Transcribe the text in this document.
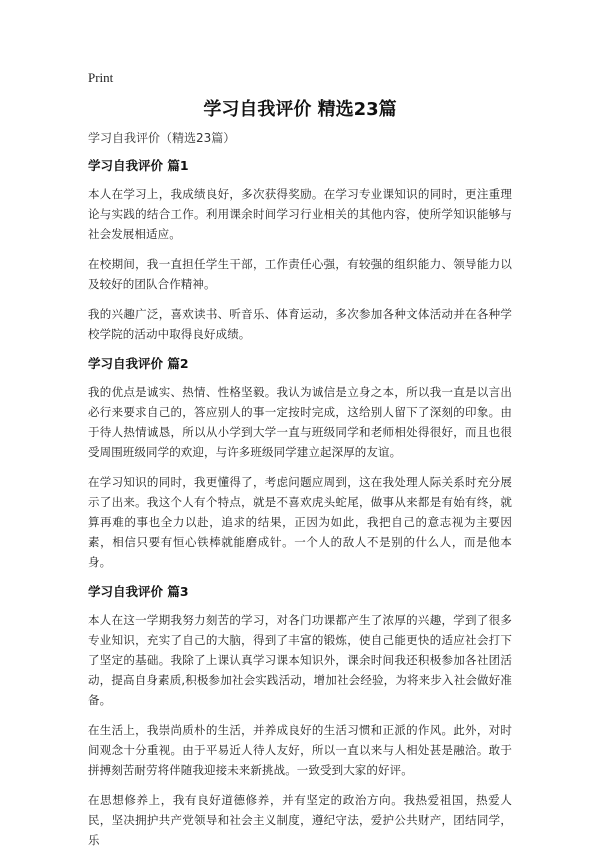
Print
学习自我评价 精选23篇

学习自我评价（精选23篇）

学习自我评价 篇1

本人在学习上，我成绩良好，多次获得奖励。在学习专业课知识的同时，更注重理论与实践的结合工作。利用课余时间学习行业相关的其他内容，使所学知识能够与社会发展相适应。

在校期间，我一直担任学生干部，工作责任心强，有较强的组织能力、领导能力以及较好的团队合作精神。

我的兴趣广泛，喜欢读书、听音乐、体育运动，多次参加各种文体活动并在各种学校学院的活动中取得良好成绩。

学习自我评价 篇2

我的优点是诚实、热情、性格坚毅。我认为诚信是立身之本，所以我一直是以言出必行来要求自己的，答应别人的事一定按时完成，这给别人留下了深刻的印象。由于待人热情诚恳，所以从小学到大学一直与班级同学和老师相处得很好，而且也很受周围班级同学的欢迎，与许多班级同学建立起深厚的友谊。

在学习知识的同时，我更懂得了，考虑问题应周到，这在我处理人际关系时充分展示了出来。我这个人有个特点，就是不喜欢虎头蛇尾，做事从来都是有始有终，就算再难的事也全力以赴，追求的结果，正因为如此，我把自己的意志视为主要因素，相信只要有恒心铁棒就能磨成针。一个人的敌人不是别的什么人，而是他本身。

学习自我评价 篇3

本人在这一学期我努力刻苦的学习，对各门功课都产生了浓厚的兴趣，学到了很多专业知识，充实了自己的大脑，得到了丰富的锻炼，使自己能更快的适应社会打下了坚定的基础。我除了上课认真学习课本知识外，课余时间我还积极参加各社团活动，提高自身素质,积极参加社会实践活动，增加社会经验，为将来步入社会做好准备。

在生活上，我崇尚质朴的生活，并养成良好的生活习惯和正派的作风。此外，对时间观念十分重视。由于平易近人待人友好，所以一直以来与人相处甚是融洽。敢于拼搏刻苦耐劳将伴随我迎接未来新挑战。一致受到大家的好评。

在思想修养上，我有良好道德修养，并有坚定的政治方向。我热爱祖国，热爱人民，坚决拥护共产党领导和社会主义制度，遵纪守法，爱护公共财产，团结同学，乐
